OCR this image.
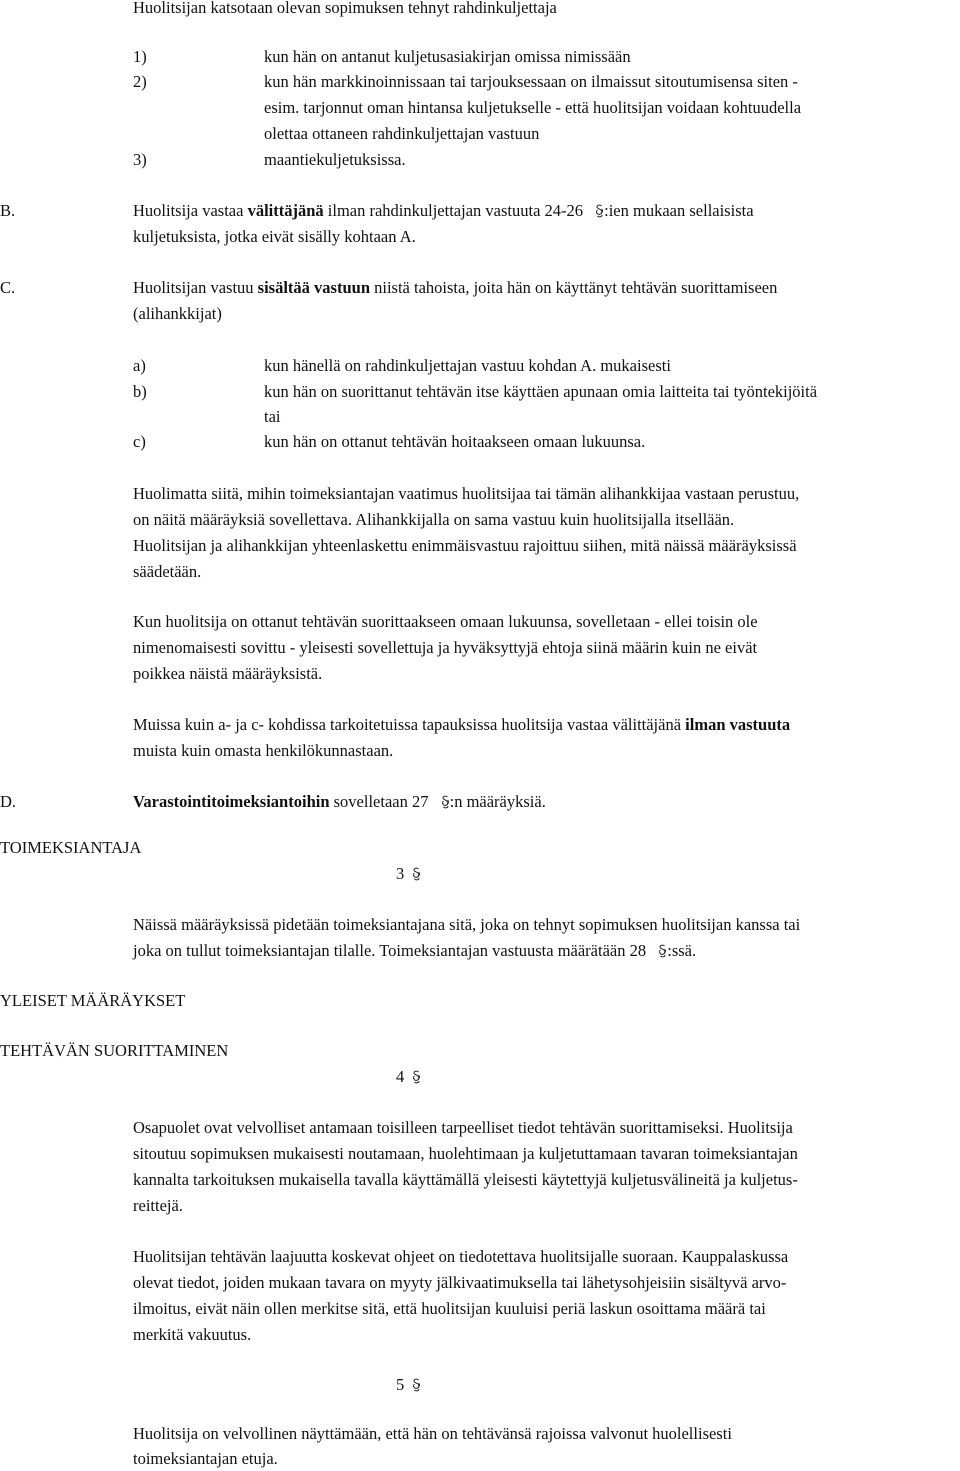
Huolitsijan katsotaan olevan sopimuksen tehnyt rahdinkuljettaja
1)	kun hän on antanut kuljetusasiakirjan omissa nimissään
2)	kun hän markkinoinnissaan tai tarjouksessaan on ilmaissut sitoutumisensa siten -
esim. tarjonnut oman hintansa kuljetukselle - että huolitsijan voidaan kohtuudella
olettaa ottaneen rahdinkuljettajan vastuun
3)	maantiekuljetuksissa.
B.	Huolitsija vastaa välittäjänä ilman rahdinkuljettajan vastuuta 24-26 :ien mukaan sellaisista
kuljetuksista, jotka eivät sisälly kohtaan A.
C.	Huolitsijan vastuu sisältää vastuun niistä tahoista, joita hän on käyttänyt tehtävän suorittamiseen
(alihankkijat)
a)	kun hänellä on rahdinkuljettajan vastuu kohdan A. mukaisesti
b)	kun hän on suorittanut tehtävän itse käyttäen apunaan omia laitteita tai työntekijöitä
tai
c)	kun hän on ottanut tehtävän hoitaakseen omaan lukuunsa.
Huolimatta siitä, mihin toimeksiantajan vaatimus huolitsijaa tai tämän alihankkijaa vastaan perustuu,
on näitä määräyksiä sovellettava. Alihankkijalla on sama vastuu kuin huolitsijalla itsellään.
Huolitsijan ja alihankkijan yhteenlaskettu enimmäisvastuu rajoittuu siihen, mitä näissä määräyksissä
säädetään.
Kun huolitsija on ottanut tehtävän suorittaakseen omaan lukuunsa, sovelletaan - ellei toisin ole
nimenomaisesti sovittu - yleisesti sovellettuja ja hyväksyttyjä ehtoja siinä määrin kuin ne eivät
poikkea näistä määräyksistä.
Muissa kuin a- ja c- kohdissa tarkoitetuissa tapauksissa huolitsija vastaa välittäjänä ilman vastuuta
muista kuin omasta henkilökunnastaan.
D.	Varastointitoimeksiantoihin sovelletaan 27 :n määräyksiä.
TOIMEKSIANTAJA
3
Näissä määräyksissä pidetään toimeksiantajana sitä, joka on tehnyt sopimuksen huolitsijan kanssa tai
joka on tullut toimeksiantajan tilalle. Toimeksiantajan vastuusta määrätään 28 :ssä.
YLEISET MÄÄRÄYKSET
TEHTÄVÄN SUORITTAMINEN
4
Osapuolet ovat velvolliset antamaan toisilleen tarpeelliset tiedot tehtävän suorittamiseksi. Huolitsija
sitoutuu sopimuksen mukaisesti noutamaan, huolehtimaan ja kuljetuttamaan tavaran toimeksiantajan
kannalta tarkoituksen mukaisella tavalla käyttämällä yleisesti käytettyjä kuljetusvälineitä ja kuljetus-
reittejä.
Huolitsijan tehtävän laajuutta koskevat ohjeet on tiedotettava huolitsijalle suoraan. Kauppalaskussa
olevat tiedot, joiden mukaan tavara on myyty jälkivaatimuksella tai lähetysohjeisiin sisältyvä arvo-
ilmoitus, eivät näin ollen merkitse sitä, että huolitsijan kuuluisi periä laskun osoittama määrä tai
merkitä vakuutus.
5
Huolitsija on velvollinen näyttämään, että hän on tehtävänsä rajoissa valvonut huolellisesti
toimeksiantajan etuja.
